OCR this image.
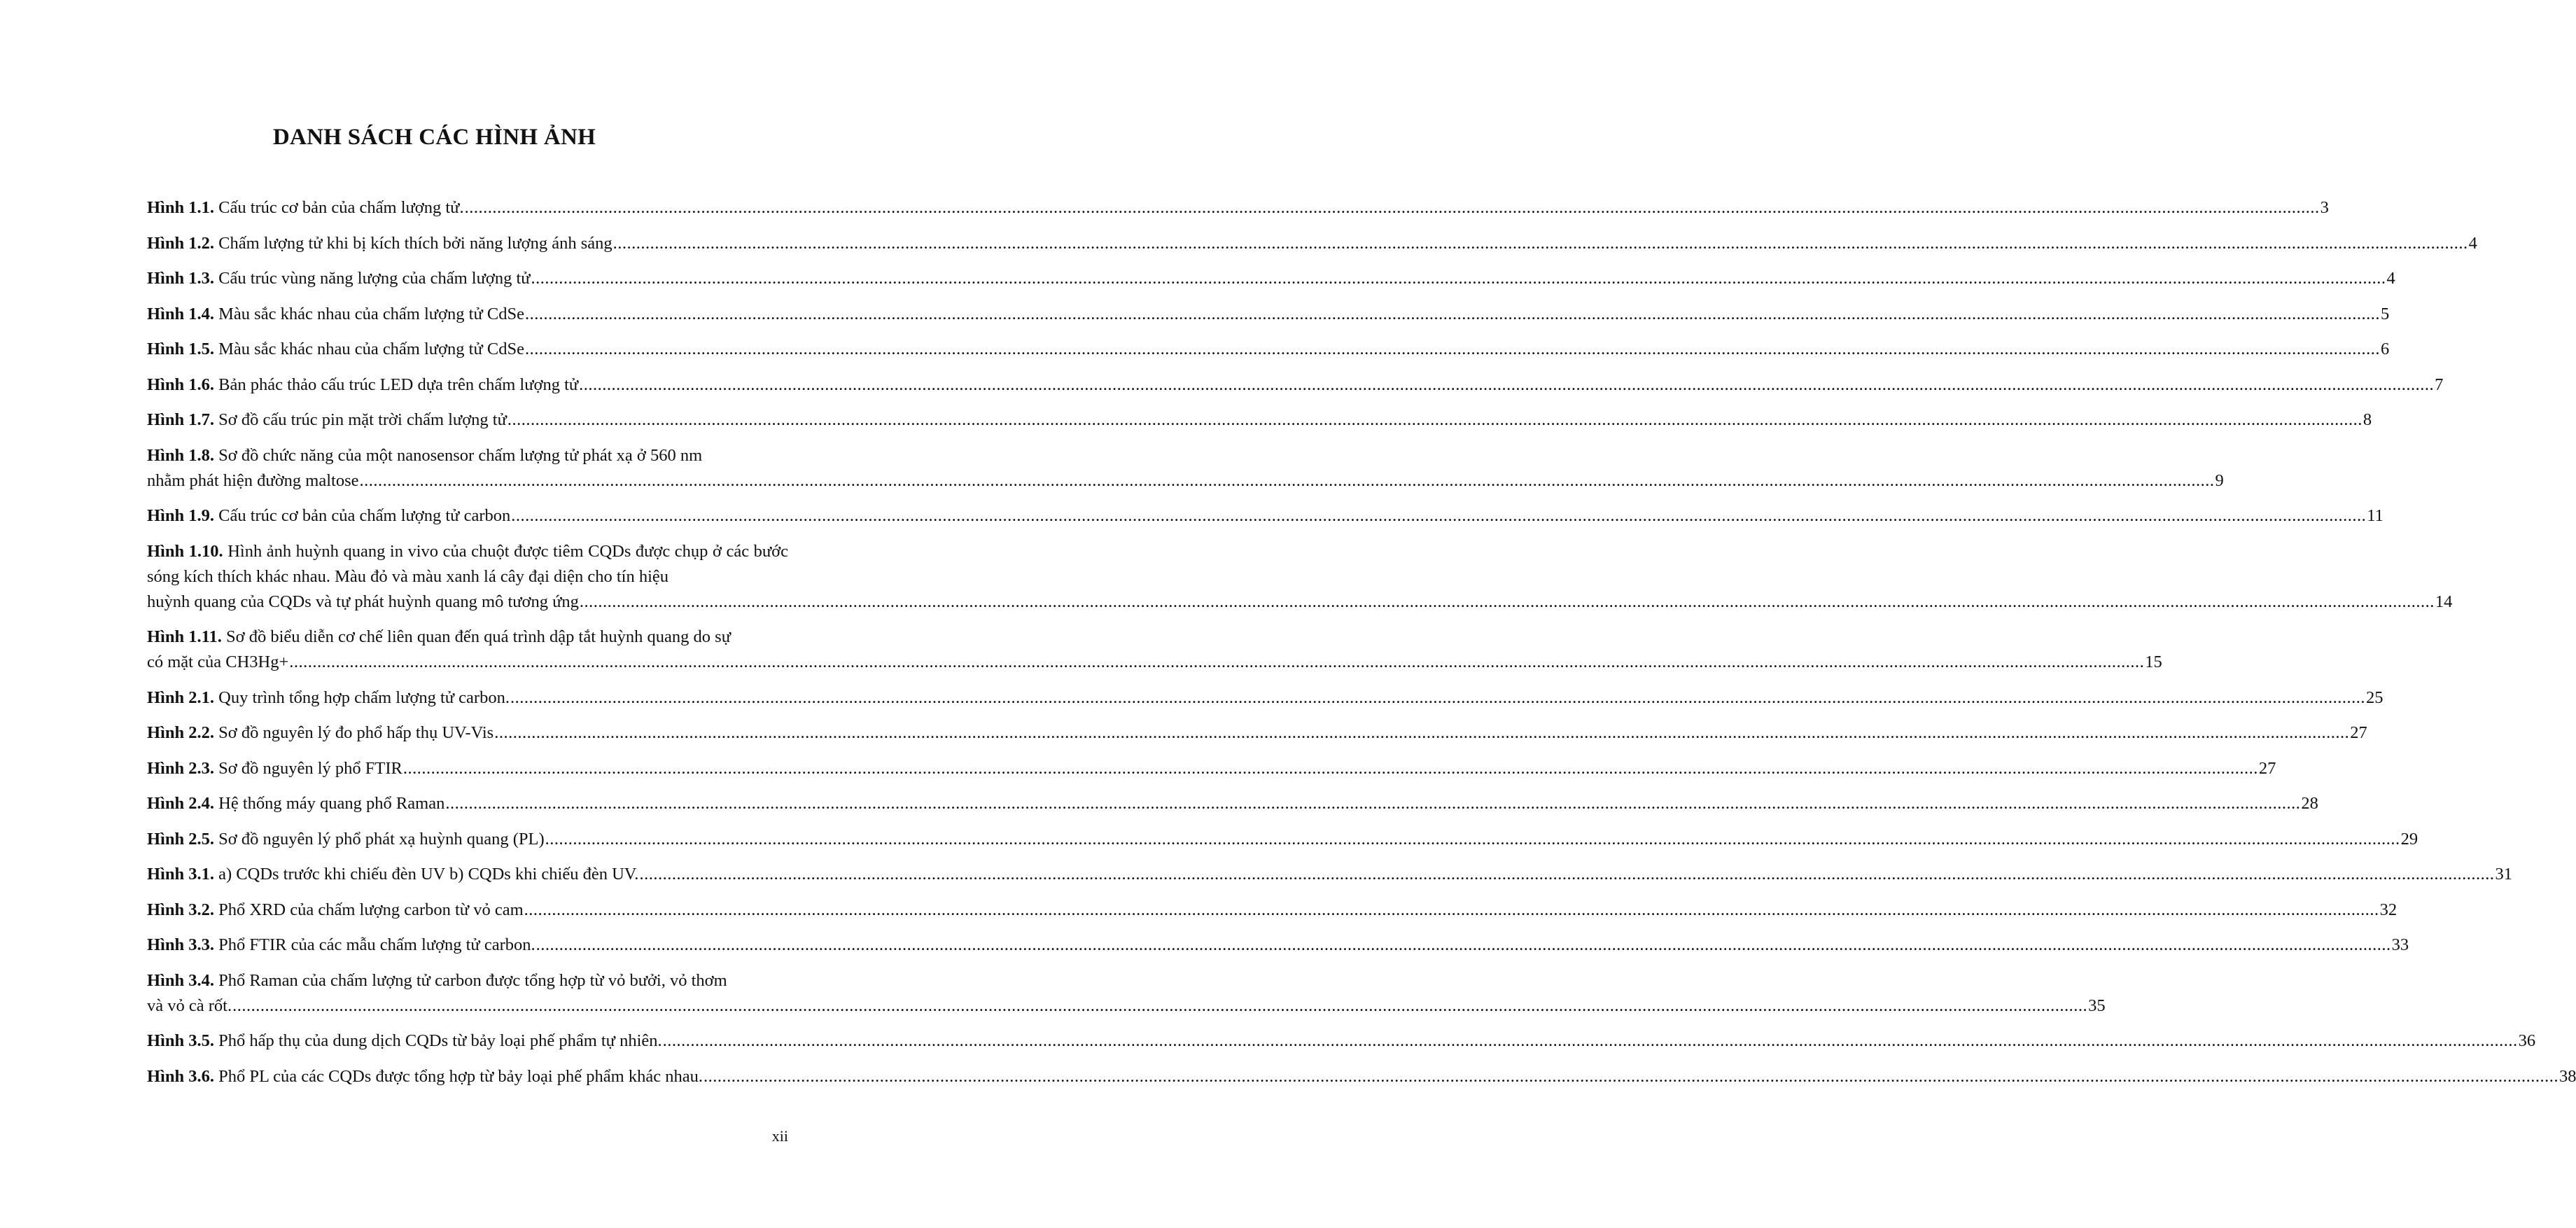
DANH SÁCH CÁC HÌNH ẢNH
Hình 1.1. Cấu trúc cơ bản của chấm lượng tử. ................................................................................................................................................................................................................................................................................................................................................................................................................ 3
Hình 1.2. Chấm lượng tử khi bị kích thích bởi năng lượng ánh sáng ................................................................................................................................................................................................................................................................................................................................................................................................................ 4
Hình 1.3. Cấu trúc vùng năng lượng của chấm lượng tử ................................................................................................................................................................................................................................................................................................................................................................................................................ 4
Hình 1.4. Màu sắc khác nhau của chấm lượng tử CdSe ................................................................................................................................................................................................................................................................................................................................................................................................................ 5
Hình 1.5. Màu sắc khác nhau của chấm lượng tử CdSe ................................................................................................................................................................................................................................................................................................................................................................................................................ 6
Hình 1.6. Bản phác thảo cấu trúc LED dựa trên chấm lượng tử ................................................................................................................................................................................................................................................................................................................................................................................................................ 7
Hình 1.7. Sơ đồ cấu trúc pin mặt trời chấm lượng tử ................................................................................................................................................................................................................................................................................................................................................................................................................ 8
Hình 1.8. Sơ đồ chức năng của một nanosensor chấm lượng tử phát xạ ở 560 nm
nhằm phát hiện đường maltose ................................................................................................................................................................................................................................................................................................................................................................................................................ 9
Hình 1.9. Cấu trúc cơ bản của chấm lượng tử carbon ................................................................................................................................................................................................................................................................................................................................................................................................................ 11
Hình 1.10. Hình ảnh huỳnh quang in vivo của chuột được tiêm CQDs được chụp ở các bước sóng kích thích khác nhau. Màu đỏ và màu xanh lá cây đại diện cho tín hiệu
huỳnh quang của CQDs và tự phát huỳnh quang mô tương ứng ................................................................................................................................................................................................................................................................................................................................................................................................................ 14
Hình 1.11. Sơ đồ biểu diễn cơ chế liên quan đến quá trình dập tắt huỳnh quang do sự
có mặt của CH3Hg+ ................................................................................................................................................................................................................................................................................................................................................................................................................ 15
Hình 2.1. Quy trình tổng hợp chấm lượng tử carbon. ................................................................................................................................................................................................................................................................................................................................................................................................................ 25
Hình 2.2. Sơ đồ nguyên lý đo phổ hấp thụ UV-Vis ................................................................................................................................................................................................................................................................................................................................................................................................................ 27
Hình 2.3. Sơ đồ nguyên lý phổ FTIR ................................................................................................................................................................................................................................................................................................................................................................................................................ 27
Hình 2.4. Hệ thống máy quang phổ Raman ................................................................................................................................................................................................................................................................................................................................................................................................................ 28
Hình 2.5. Sơ đồ nguyên lý phổ phát xạ huỳnh quang (PL) ................................................................................................................................................................................................................................................................................................................................................................................................................ 29
Hình 3.1. a) CQDs trước khi chiếu đèn UV b) CQDs khi chiếu đèn UV. ................................................................................................................................................................................................................................................................................................................................................................................................................ 31
Hình 3.2. Phổ XRD của chấm lượng carbon từ vỏ cam ................................................................................................................................................................................................................................................................................................................................................................................................................ 32
Hình 3.3. Phổ FTIR của các mẫu chấm lượng tử carbon. ................................................................................................................................................................................................................................................................................................................................................................................................................ 33
Hình 3.4. Phổ Raman của chấm lượng tử carbon được tổng hợp từ vỏ bưởi, vỏ thơm
và vỏ cà rốt. ................................................................................................................................................................................................................................................................................................................................................................................................................ 35
Hình 3.5. Phổ hấp thụ của dung dịch CQDs từ bảy loại phế phẩm tự nhiên. ................................................................................................................................................................................................................................................................................................................................................................................................................ 36
Hình 3.6. Phổ PL của các CQDs được tổng hợp từ bảy loại phế phẩm khác nhau. ................................................................................................................................................................................................................................................................................................................................................................................................................ 38

xii
